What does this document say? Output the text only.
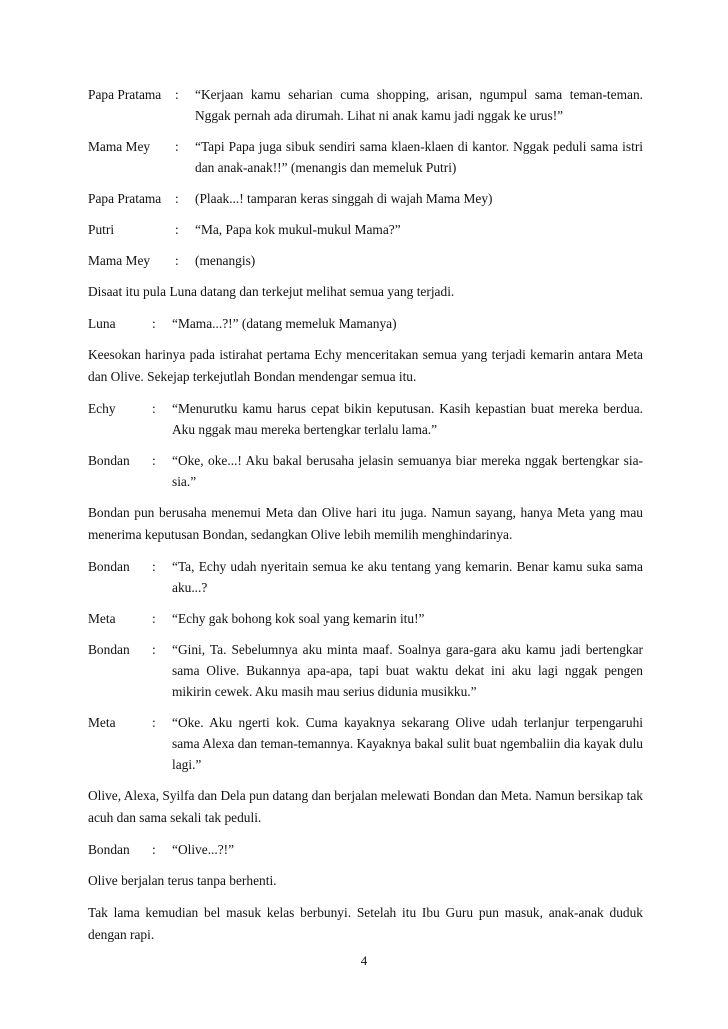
Papa Pratama : “Kerjaan kamu seharian cuma shopping, arisan, ngumpul sama teman-teman. Nggak pernah ada dirumah. Lihat ni anak kamu jadi nggak ke urus!”
Mama Mey : “Tapi Papa juga sibuk sendiri sama klaen-klaen di kantor. Nggak peduli sama istri dan anak-anak!!” (menangis dan memeluk Putri)
Papa Pratama : (Plaak...! tamparan keras singgah di wajah Mama Mey)
Putri	: “Ma, Papa kok mukul-mukul Mama?”
Mama Mey : (menangis)
Disaat itu pula Luna datang dan terkejut melihat semua yang terjadi.
Luna	: “Mama...?!” (datang memeluk Mamanya)
Keesokan harinya pada istirahat pertama Echy menceritakan semua yang terjadi kemarin antara Meta dan Olive. Sekejap terkejutlah Bondan mendengar semua itu.
Echy	: “Menurutku kamu harus cepat bikin keputusan. Kasih kepastian buat mereka berdua. Aku nggak mau mereka bertengkar terlalu lama.”
Bondan : “Oke, oke...! Aku bakal berusaha jelasin semuanya biar mereka nggak bertengkar sia-sia.”
Bondan pun berusaha menemui Meta dan Olive hari itu juga. Namun sayang, hanya Meta yang mau menerima keputusan Bondan, sedangkan Olive lebih memilih menghindarinya.
Bondan : “Ta, Echy udah nyeritain semua ke aku tentang yang kemarin. Benar kamu suka sama aku...?
Meta	: “Echy gak bohong kok soal yang kemarin itu!”
Bondan : “Gini, Ta. Sebelumnya aku minta maaf. Soalnya gara-gara aku kamu jadi bertengkar sama Olive. Bukannya apa-apa, tapi buat waktu dekat ini aku lagi nggak pengen mikirin cewek. Aku masih mau serius didunia musikku.”
Meta	: “Oke. Aku ngerti kok. Cuma kayaknya sekarang Olive udah terlanjur terpengaruhi sama Alexa dan teman-temannya. Kayaknya bakal sulit buat ngembaliin dia kayak dulu lagi.”
Olive, Alexa, Syilfa dan Dela pun datang dan berjalan melewati Bondan dan Meta. Namun bersikap tak acuh dan sama sekali tak peduli.
Bondan : “Olive...?!”
Olive berjalan terus tanpa berhenti.
Tak lama kemudian bel masuk kelas berbunyi. Setelah itu Ibu Guru pun masuk, anak-anak duduk dengan rapi.
4
